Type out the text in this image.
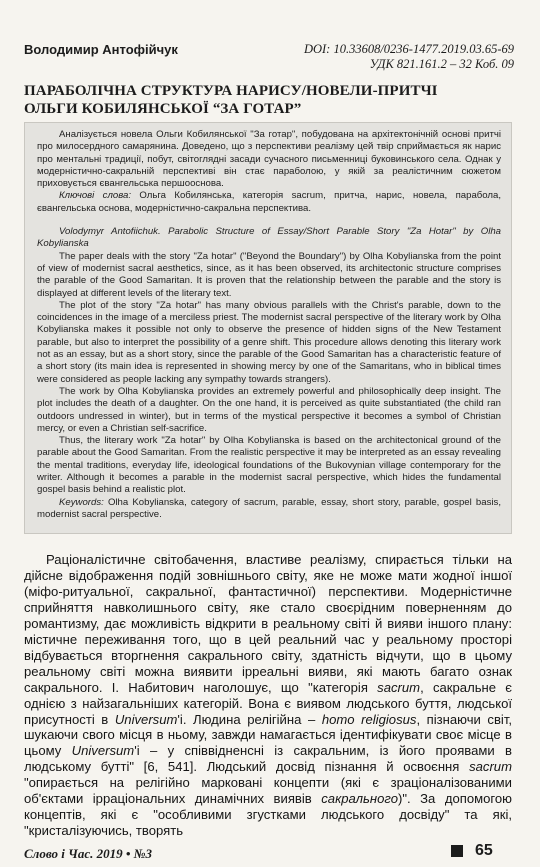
Володимир Антофійчук	DOI: 10.33608/0236-1477.2019.03.65-69
УДК 821.161.2 – 32 Коб. 09
ПАРАБОЛІЧНА СТРУКТУРА НАРИСУ/НОВЕЛИ-ПРИТЧІ
ОЛЬГИ КОБИЛЯНСЬКОЇ “ЗА ГОТАР”

Аналізується новела Ольги Кобилянської "За готар", побудована на архітектонічній основі притчі про милосердного самарянина. Доведено, що з перспективи реалізму цей твір сприймається як нарис про ментальні традиції, побут, світоглядні засади сучасного письменниці буковинського села. Однак у модерністично-сакральній перспективі він стає параболою, у якій за реалістичним сюжетом приховується євангельська першооснова.

Ключові слова: Ольга Кобилянська, категорія sacrum, притча, нарис, новела, парабола, євангельська основа, модерністично-сакральна перспектива.

Volodymyr Antofiichuk. Parabolic Structure of Essay/Short Parable Story "Za Hotar" by Olha Kobylianska

The paper deals with the story "Za hotar" ("Beyond the Boundary") by Olha Kobylianska from the point of view of modernist sacral aesthetics, since, as it has been observed, its architectonic structure comprises the parable of the Good Samaritan. It is proven that the relationship between the parable and the story is displayed at different levels of the literary text.

The plot of the story "Za hotar" has many obvious parallels with the Christ's parable, down to the coincidences in the image of a merciless priest. The modernist sacral perspective of the literary work by Olha Kobylianska makes it possible not only to observe the presence of hidden signs of the New Testament parable, but also to interpret the possibility of a genre shift. This procedure allows denoting this literary work not as an essay, but as a short story, since the parable of the Good Samaritan has a characteristic feature of a short story (its main idea is represented in showing mercy by one of the Samaritans, who in biblical times were considered as people lacking any sympathy towards strangers).

The work by Olha Kobylianska provides an extremely powerful and philosophically deep insight. The plot includes the death of a daughter. On the one hand, it is perceived as quite substantiated (the child ran outdoors undressed in winter), but in terms of the mystical perspective it becomes a symbol of Christian mercy, or even a Christian self-sacrifice.

Thus, the literary work "Za hotar" by Olha Kobylianska is based on the architectonical ground of the parable about the Good Samaritan. From the realistic perspective it may be interpreted as an essay revealing the mental traditions, everyday life, ideological foundations of the Bukovynian village contemporary for the writer. Although it becomes a parable in the modernist sacral perspective, which hides the fundamental gospel basis behind a realistic plot.

Keywords: Olha Kobylianska, category of sacrum, parable, essay, short story, parable, gospel basis, modernist sacral perspective.

Раціоналістичне світобачення, властиве реалізму, спирається тільки на дійсне відображення подій зовнішнього світу, яке не може мати жодної іншої (міфо-ритуальної, сакральної, фантастичної) перспективи. Модерністичне сприйняття навколишнього світу, яке стало своєрідним поверненням до романтизму, дає можливість відкрити в реальному світі й вияви іншого плану: містичне переживання того, що в цей реальний час у реальному просторі відбувається вторгнення сакрального світу, здатність відчути, що в цьому реальному світі можна виявити ірреальні вияви, які мають багато ознак сакрального. І. Набитович наголошує, що "категорія sacrum, сакральне є однією з найзагальніших категорій. Вона є виявом людського буття, людської присутності в Universum'і. Людина релігійна – homo religiosus, пізнаючи світ, шукаючи свого місця в ньому, завжди намагається ідентифікувати своє місце в цьому Universum'і – у співвідненсні із сакральним, із його проявами в людському бутті" [6, 541]. Людський досвід пізнання й освоєння sacrum "опирається на релігійно марковані концепти (які є зраціоналізованими об'єктами ірраціональних динамічних виявів сакрального)". За допомогою концептів, які є "особливими згустками людського досвіду" та які, "кристалізуючись, творять

Слово і Час. 2019 • №3	65
